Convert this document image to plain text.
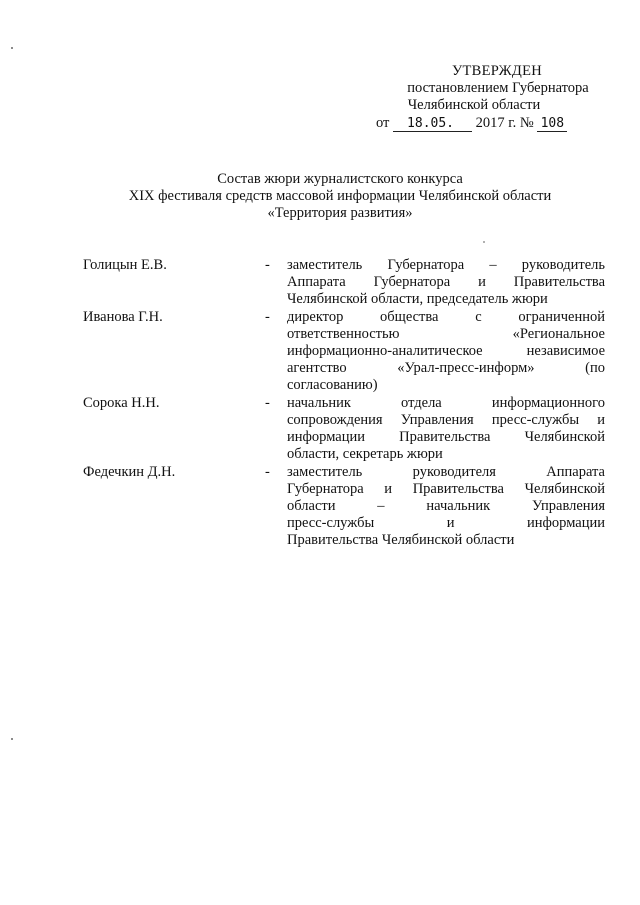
УТВЕРЖДЕН
постановлением Губернатора
Челябинской области
от 18.05. 2017 г. № 108
Состав жюри журналистского конкурса
XIX фестиваля средств массовой информации Челябинской области
«Территория развития»
Голицын Е.В.	-	заместитель Губернатора – руководитель
Аппарата Губернатора и Правительства
Челябинской области, председатель жюри
Иванова Г.Н.	-	директор общества с ограниченной
ответственностью «Региональное
информационно-аналитическое независимое
агентство «Урал-пресс-информ» (по
согласованию)
Сорока Н.Н.	-	начальник отдела информационного
сопровождения Управления пресс-службы и
информации Правительства Челябинской
области, секретарь жюри
Федечкин Д.Н.	-	заместитель руководителя Аппарата
Губернатора и Правительства Челябинской
области – начальник Управления
пресс-службы и информации
Правительства Челябинской области
